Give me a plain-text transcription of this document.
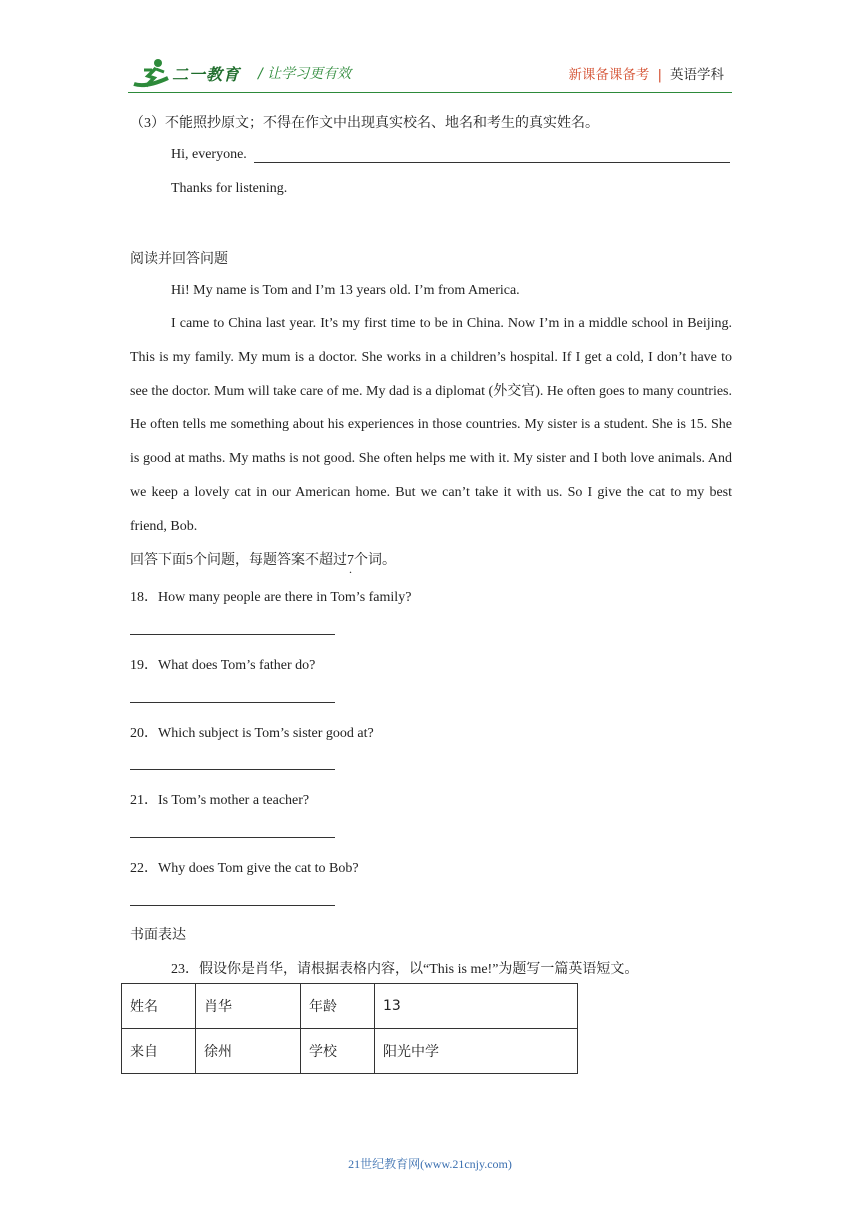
二一教育 / 让学习更有效	新课备课备考 | 英语学科
（3）不能照抄原文；不得在作文中出现真实校名、地名和考生的真实姓名。
Hi, everyone.
Thanks for listening.
阅读并回答问题
Hi! My name is Tom and I’m 13 years old. I’m from America.
I came to China last year. It’s my first time to be in China. Now I’m in a middle school in Beijing. This is my family. My mum is a doctor. She works in a children’s hospital. If I get a cold, I don’t have to see the doctor. Mum will take care of me. My dad is a diplomat (外交官). He often goes to many countries. He often tells me something about his experiences in those countries. My sister is a student. She is 15. She is good at maths. My maths is not good. She often helps me with it. My sister and I both love animals. And we keep a lovely cat in our American home. But we can’t take it with us. So I give the cat to my best friend, Bob.
回答下面5个问题，每题答案不超过7 .个词。
18．How many people are there in Tom’s family?
19．What does Tom’s father do?
20．Which subject is Tom’s sister good at?
21．Is Tom’s mother a teacher?
22．Why does Tom give the cat to Bob?
书面表达
23．假设你是肖华，请根据表格内容，以“This is me!”为题写一篇英语短文。
姓名	肖华	年龄	13
来自	徐州	学校	阳光中学
21世纪教育网(www.21cnjy.com)
